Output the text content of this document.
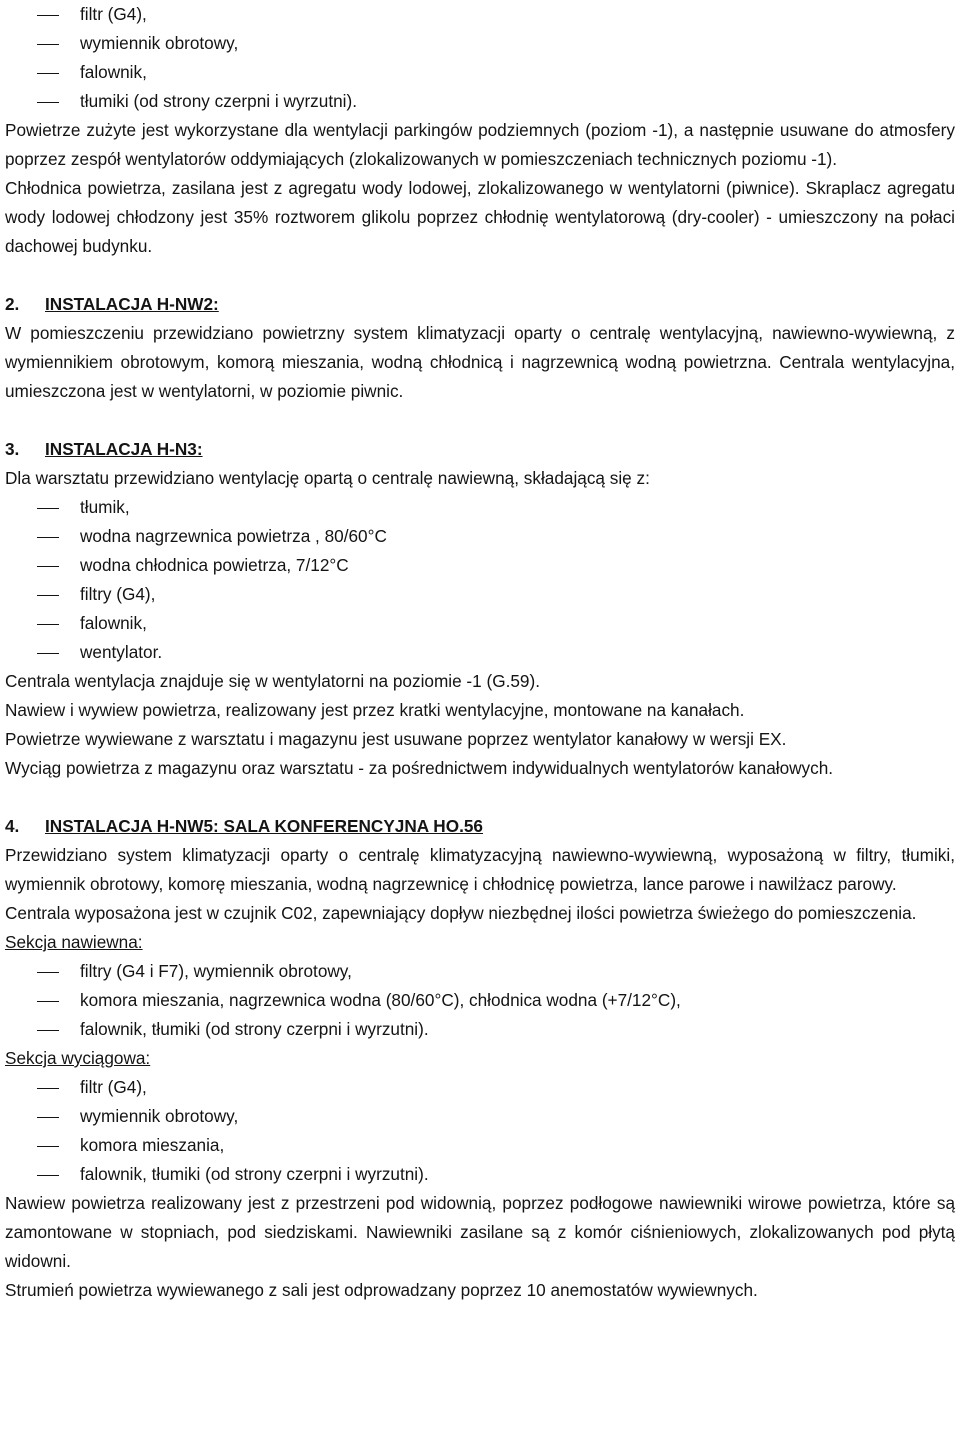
filtr (G4),
wymiennik obrotowy,
falownik,
tłumiki (od strony czerpni i wyrzutni).

Powietrze zużyte jest wykorzystane dla wentylacji parkingów podziemnych (poziom -1), a następnie usuwane do atmosfery poprzez zespół wentylatorów oddymiających (zlokalizowanych w pomieszczeniach technicznych poziomu -1).

Chłodnica powietrza, zasilana jest z agregatu wody lodowej, zlokalizowanego w wentylatorni (piwnice). Skraplacz agregatu wody lodowej chłodzony jest 35% roztworem glikolu poprzez chłodnię wentylatorową (dry-cooler) - umieszczony na połaci dachowej budynku.

2. INSTALACJA H-NW2:

W pomieszczeniu przewidziano powietrzny system klimatyzacji oparty o centralę wentylacyjną, nawiewno-wywiewną, z wymiennikiem obrotowym, komorą mieszania, wodną chłodnicą i nagrzewnicą wodną powietrzna. Centrala wentylacyjna, umieszczona jest w wentylatorni, w poziomie piwnic.

3. INSTALACJA H-N3:

Dla warsztatu przewidziano wentylację opartą o centralę nawiewną, składającą się z:

tłumik,
wodna nagrzewnica powietrza , 80/60°C
wodna chłodnica powietrza, 7/12°C
filtry (G4),
falownik,
wentylator.

Centrala wentylacja znajduje się w wentylatorni na poziomie -1 (G.59).

Nawiew i wywiew powietrza, realizowany jest przez kratki wentylacyjne, montowane na kanałach.

Powietrze wywiewane z warsztatu i magazynu jest usuwane poprzez wentylator kanałowy w wersji EX.

Wyciąg powietrza z magazynu oraz warsztatu - za pośrednictwem indywidualnych wentylatorów kanałowych.

4. INSTALACJA H-NW5: SALA KONFERENCYJNA HO.56

Przewidziano system klimatyzacji oparty o centralę klimatyzacyjną nawiewno-wywiewną, wyposażoną w filtry, tłumiki, wymiennik obrotowy, komorę mieszania, wodną nagrzewnicę i chłodnicę powietrza, lance parowe i nawilżacz parowy.

Centrala wyposażona jest w czujnik C02, zapewniający dopływ niezbędnej ilości powietrza świeżego do pomieszczenia.

Sekcja nawiewna:

filtry (G4 i F7), wymiennik obrotowy,
komora mieszania, nagrzewnica wodna (80/60°C), chłodnica wodna (+7/12°C),
falownik, tłumiki (od strony czerpni i wyrzutni).

Sekcja wyciągowa:

filtr (G4),
wymiennik obrotowy,
komora mieszania,
falownik, tłumiki (od strony czerpni i wyrzutni).

Nawiew powietrza realizowany jest z przestrzeni pod widownią, poprzez podłogowe nawiewniki wirowe powietrza, które są zamontowane w stopniach, pod siedziskami. Nawiewniki zasilane są z komór ciśnieniowych, zlokalizowanych pod płytą widowni.

Strumień powietrza wywiewanego z sali jest odprowadzany poprzez 10 anemostatów wywiewnych.
